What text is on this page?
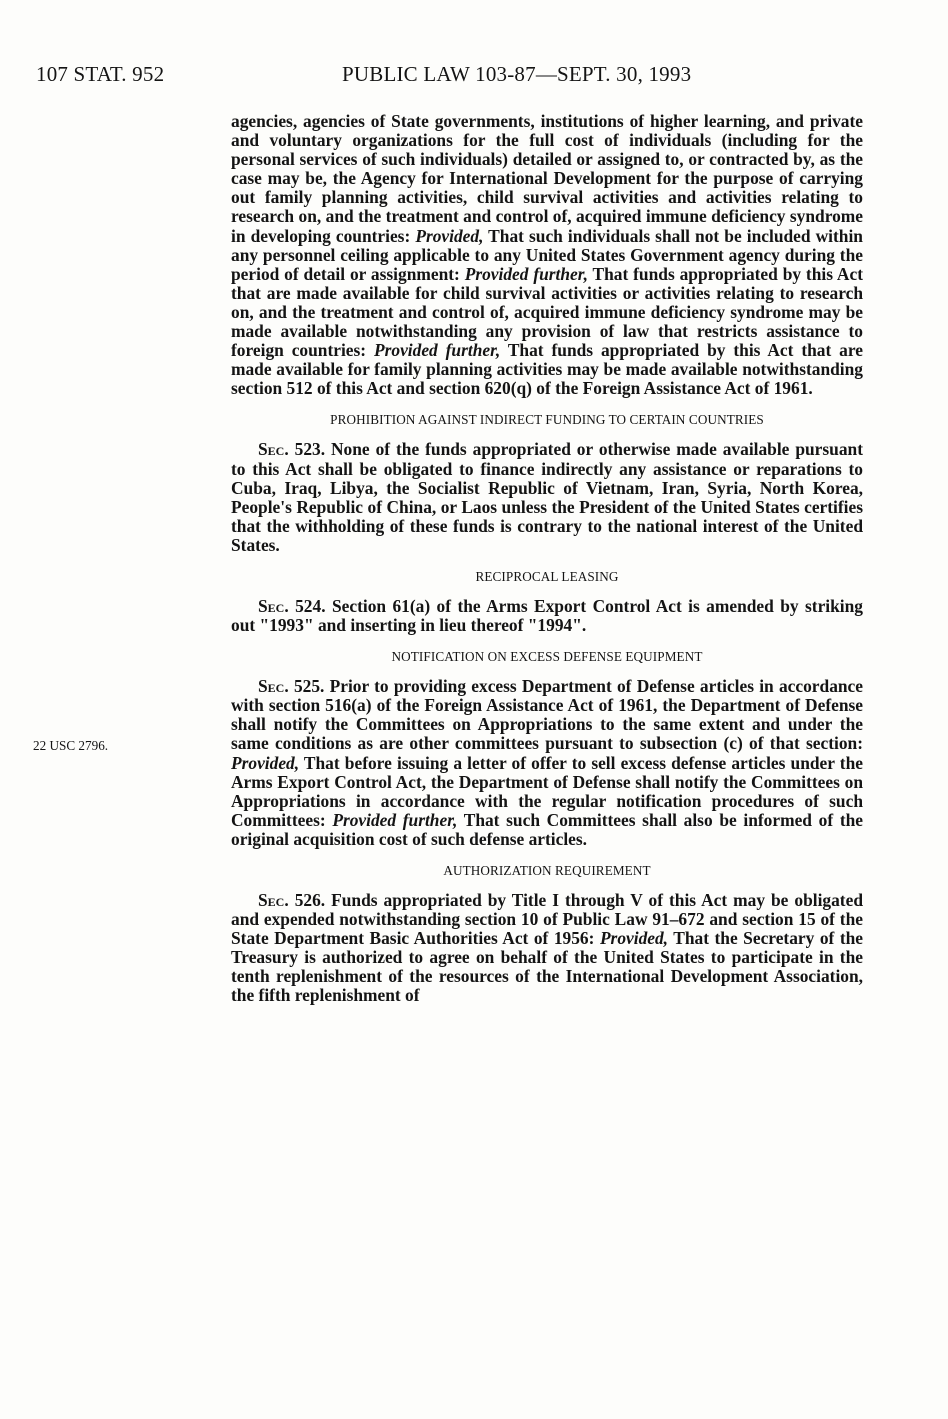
107 STAT. 952	PUBLIC LAW 103-87—SEPT. 30, 1993
22 USC 2796.

agencies, agencies of State governments, institutions of higher learning, and private and voluntary organizations for the full cost of individuals (including for the personal services of such individuals) detailed or assigned to, or contracted by, as the case may be, the Agency for International Development for the purpose of carrying out family planning activities, child survival activities and activities relating to research on, and the treatment and control of, acquired immune deficiency syndrome in developing countries: Provided, That such individuals shall not be included within any personnel ceiling applicable to any United States Government agency during the period of detail or assignment: Provided further, That funds appropriated by this Act that are made available for child survival activities or activities relating to research on, and the treatment and control of, acquired immune deficiency syndrome may be made available notwithstanding any provision of law that restricts assistance to foreign countries: Provided further, That funds appropriated by this Act that are made available for family planning activities may be made available notwithstanding section 512 of this Act and section 620(q) of the Foreign Assistance Act of 1961.

PROHIBITION AGAINST INDIRECT FUNDING TO CERTAIN COUNTRIES

Sec. 523. None of the funds appropriated or otherwise made available pursuant to this Act shall be obligated to finance indirectly any assistance or reparations to Cuba, Iraq, Libya, the Socialist Republic of Vietnam, Iran, Syria, North Korea, People's Republic of China, or Laos unless the President of the United States certifies that the withholding of these funds is contrary to the national interest of the United States.

RECIPROCAL LEASING

Sec. 524. Section 61(a) of the Arms Export Control Act is amended by striking out "1993" and inserting in lieu thereof "1994".

NOTIFICATION ON EXCESS DEFENSE EQUIPMENT

Sec. 525. Prior to providing excess Department of Defense articles in accordance with section 516(a) of the Foreign Assistance Act of 1961, the Department of Defense shall notify the Committees on Appropriations to the same extent and under the same conditions as are other committees pursuant to subsection (c) of that section: Provided, That before issuing a letter of offer to sell excess defense articles under the Arms Export Control Act, the Department of Defense shall notify the Committees on Appropriations in accordance with the regular notification procedures of such Committees: Provided further, That such Committees shall also be informed of the original acquisition cost of such defense articles.

AUTHORIZATION REQUIREMENT

Sec. 526. Funds appropriated by Title I through V of this Act may be obligated and expended notwithstanding section 10 of Public Law 91–672 and section 15 of the State Department Basic Authorities Act of 1956: Provided, That the Secretary of the Treasury is authorized to agree on behalf of the United States to participate in the tenth replenishment of the resources of the International Development Association, the fifth replenishment of
